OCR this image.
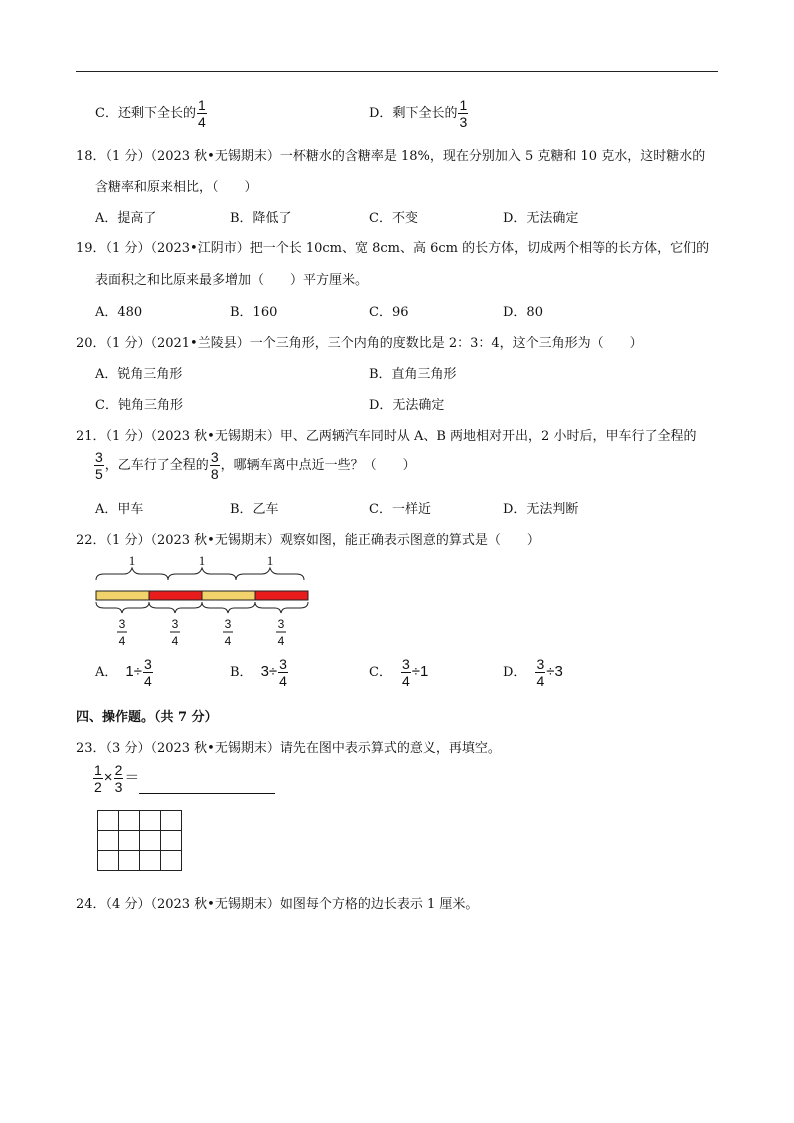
C．还剩下全长的 $\frac{1}{4}$	D．剩下全长的 $\frac{1}{3}$
18．（1 分）（2023 秋•无锡期末）一杯糖水的含糖率是 18%，现在分别加入 5 克糖和 10 克水，这时糖水的
含糖率和原来相比，（　　）
A．提高了	B．降低了	C．不变	D．无法确定
19．（1 分）（2023•江阴市）把一个长 10cm、宽 8cm、高 6cm 的长方体，切成两个相等的长方体，它们的
表面积之和比原来最多增加（　　）平方厘米。
A．480	B．160	C．96	D．80
20．（1 分）（2021•兰陵县）一个三角形，三个内角的度数比是 2：3：4，这个三角形为（　　）
A．锐角三角形	B．直角三角形
C．钝角三角形	D．无法确定
21．（1 分）（2023 秋•无锡期末）甲、乙两辆汽车同时从 A、B 两地相对开出，2 小时后，甲车行了全程的
$\frac{3}{5}$ ，乙车行了全程的 $\frac{3}{8}$ ，哪辆车离中点近一些？（　　）
A．甲车	B．乙车	C．一样近	D．无法判断
22．（1 分）（2023 秋•无锡期末）观察如图，能正确表示图意的算式是（　　）
1	1	1
3
4
3
4
3
4
3
4
A． $1\div \frac{3}{4}$	B． $3\div \frac{3}{4}$	C． $\frac{3}{4} \div 1$	D． $\frac{3}{4} \div 3$
四、操作题。（共 7 分）
23．（3 分）（2023 秋•无锡期末）请先在图中表示算式的意义，再填空。
$\frac{1}{2} \times \frac{2}{3}$ ＝

24．（4 分）（2023 秋•无锡期末）如图每个方格的边长表示 1 厘米。
